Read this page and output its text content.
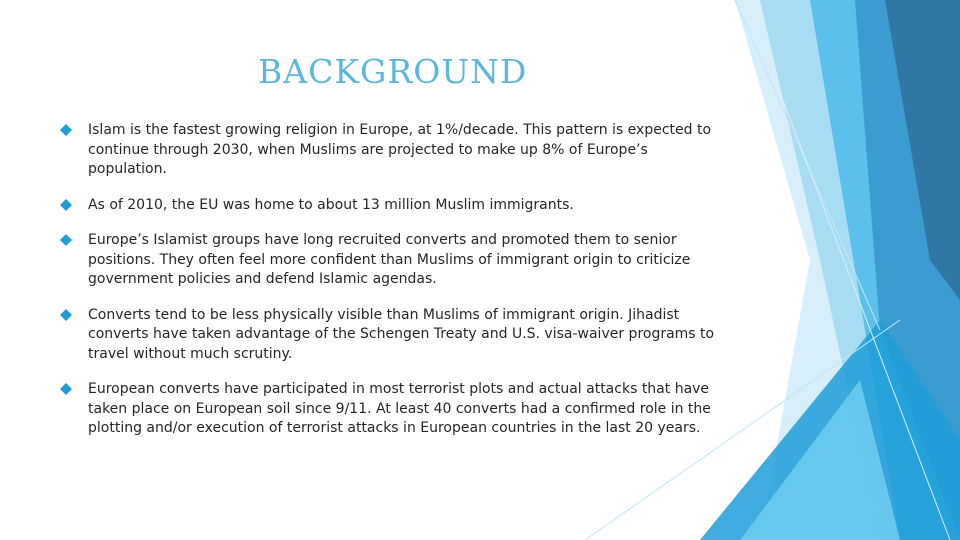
BACKGROUND
Islam is the fastest growing religion in Europe, at 1%/decade. This pattern is expected to continue through 2030, when Muslims are projected to make up 8% of Europe’s population.
As of 2010, the EU was home to about 13 million Muslim immigrants.
Europe’s Islamist groups have long recruited converts and promoted them to senior positions. They often feel more confident than Muslims of immigrant origin to criticize government policies and defend Islamic agendas.
Converts tend to be less physically visible than Muslims of immigrant origin. Jihadist converts have taken advantage of the Schengen Treaty and U.S. visa-waiver programs to travel without much scrutiny.
European converts have participated in most terrorist plots and actual attacks that have taken place on European soil since 9/11. At least 40 converts had a confirmed role in the plotting and/or execution of terrorist attacks in European countries in the last 20 years.
